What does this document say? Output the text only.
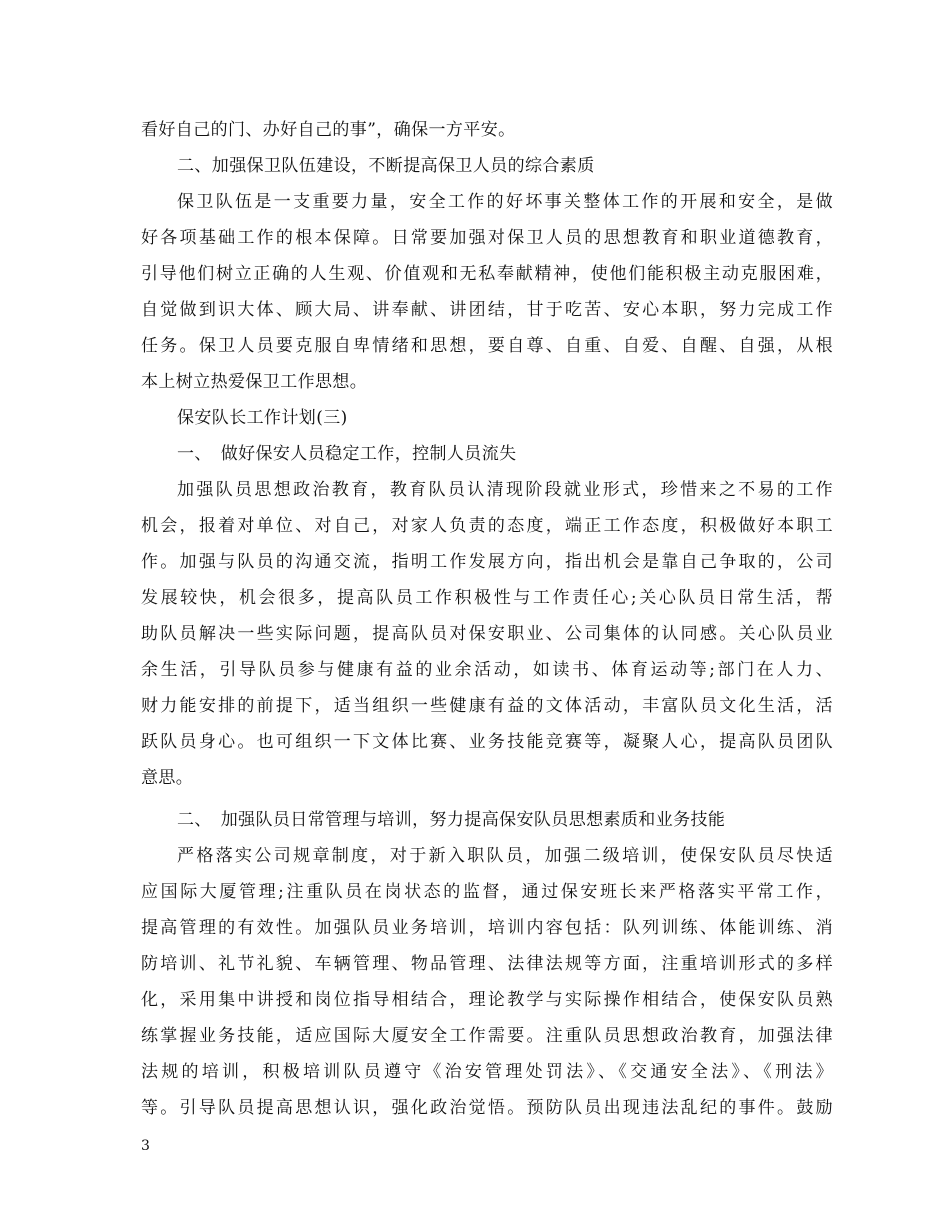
看好自己的门、办好自己的事”，确保一方平安。
二、加强保卫队伍建设，不断提高保卫人员的综合素质
保卫队伍是一支重要力量，安全工作的好坏事关整体工作的开展和安全，是做
好各项基础工作的根本保障。日常要加强对保卫人员的思想教育和职业道德教育，
引导他们树立正确的人生观、价值观和无私奉献精神，使他们能积极主动克服困难，
自觉做到识大体、顾大局、讲奉献、讲团结，甘于吃苦、安心本职，努力完成工作
任务。保卫人员要克服自卑情绪和思想，要自尊、自重、自爱、自醒、自强，从根
本上树立热爱保卫工作思想。
保安队长工作计划(三)
一、　做好保安人员稳定工作，控制人员流失
加强队员思想政治教育，教育队员认清现阶段就业形式，珍惜来之不易的工作
机会，报着对单位、对自己，对家人负责的态度，端正工作态度，积极做好本职工
作。加强与队员的沟通交流，指明工作发展方向，指出机会是靠自己争取的，公司
发展较快，机会很多，提高队员工作积极性与工作责任心;关心队员日常生活，帮
助队员解决一些实际问题，提高队员对保安职业、公司集体的认同感。关心队员业
余生活，引导队员参与健康有益的业余活动，如读书、体育运动等;部门在人力、
财力能安排的前提下，适当组织一些健康有益的文体活动，丰富队员文化生活，活
跃队员身心。也可组织一下文体比赛、业务技能竞赛等，凝聚人心，提高队员团队
意思。
二、　加强队员日常管理与培训，努力提高保安队员思想素质和业务技能
严格落实公司规章制度，对于新入职队员，加强二级培训，使保安队员尽快适
应国际大厦管理;注重队员在岗状态的监督，通过保安班长来严格落实平常工作，
提高管理的有效性。加强队员业务培训，培训内容包括：队列训练、体能训练、消
防培训、礼节礼貌、车辆管理、物品管理、法律法规等方面，注重培训形式的多样
化，采用集中讲授和岗位指导相结合，理论教学与实际操作相结合，使保安队员熟
练掌握业务技能，适应国际大厦安全工作需要。注重队员思想政治教育，加强法律
法规的培训，积极培训队员遵守《治安管理处罚法》、《交通安全法》、《刑法》
等。引导队员提高思想认识，强化政治觉悟。预防队员出现违法乱纪的事件。鼓励
3
